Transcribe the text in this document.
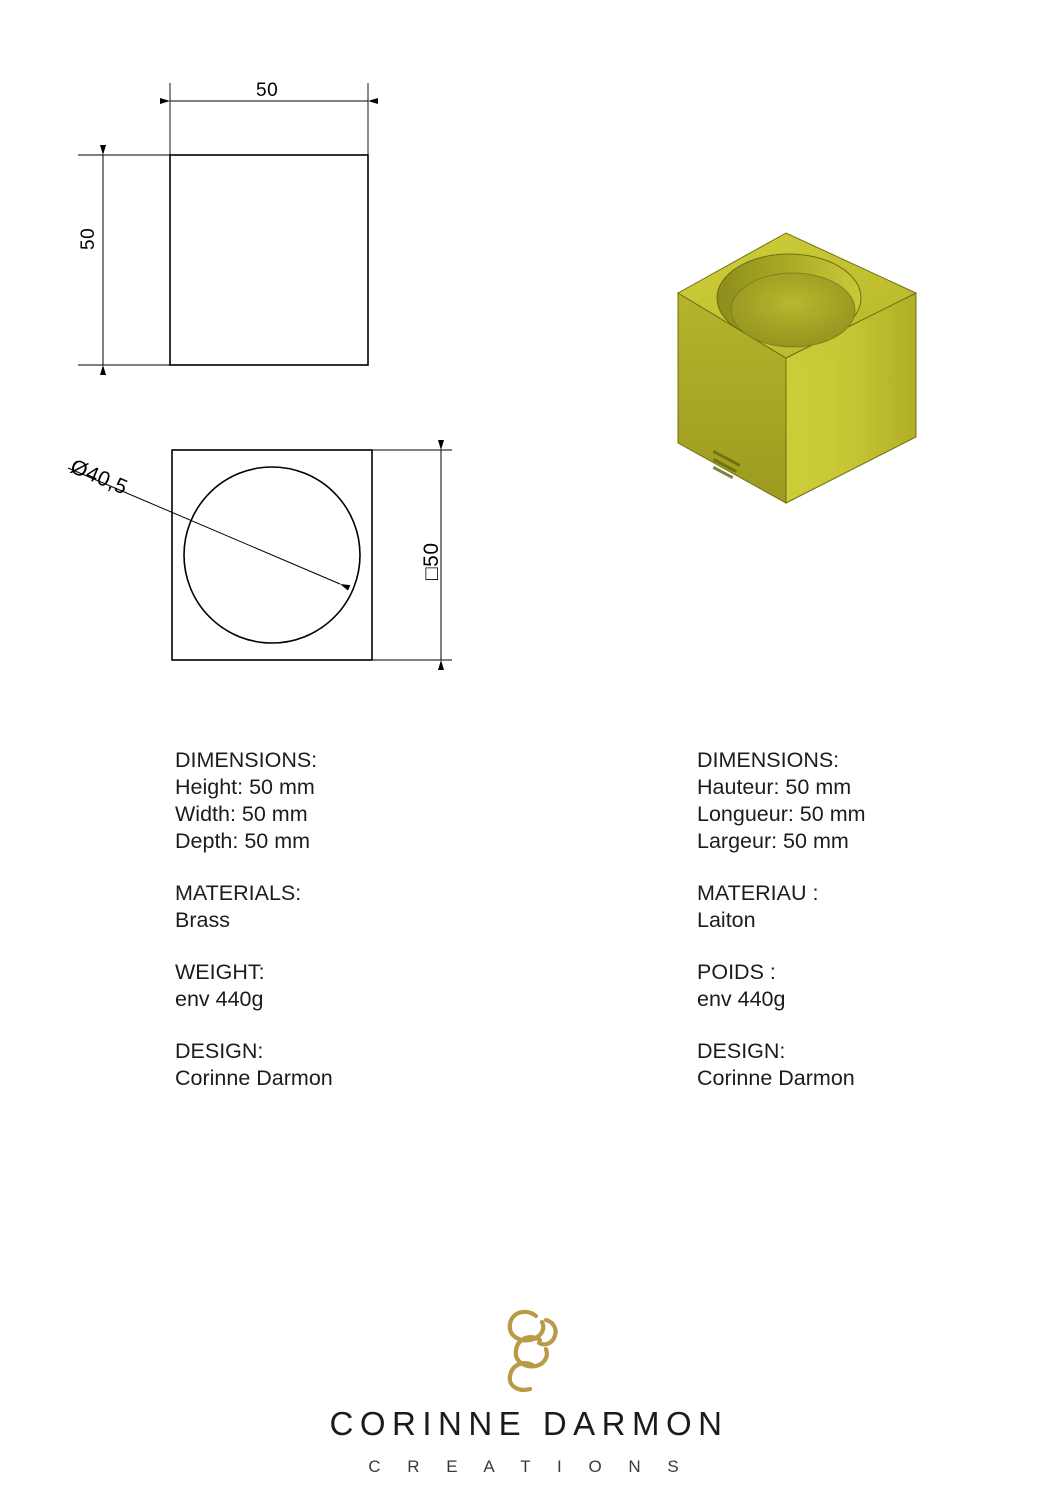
50
50
Ø40,5
□50
DIMENSIONS:
Height: 50 mm
Width: 50 mm
Depth: 50 mm
MATERIALS:
Brass
WEIGHT:
env 440g
DESIGN:
Corinne Darmon
DIMENSIONS:
Hauteur: 50 mm
Longueur: 50 mm
Largeur: 50 mm
MATERIAU :
Laiton
POIDS :
env 440g
DESIGN:
Corinne Darmon
CORINNE DARMON
C R E A T I O N S
